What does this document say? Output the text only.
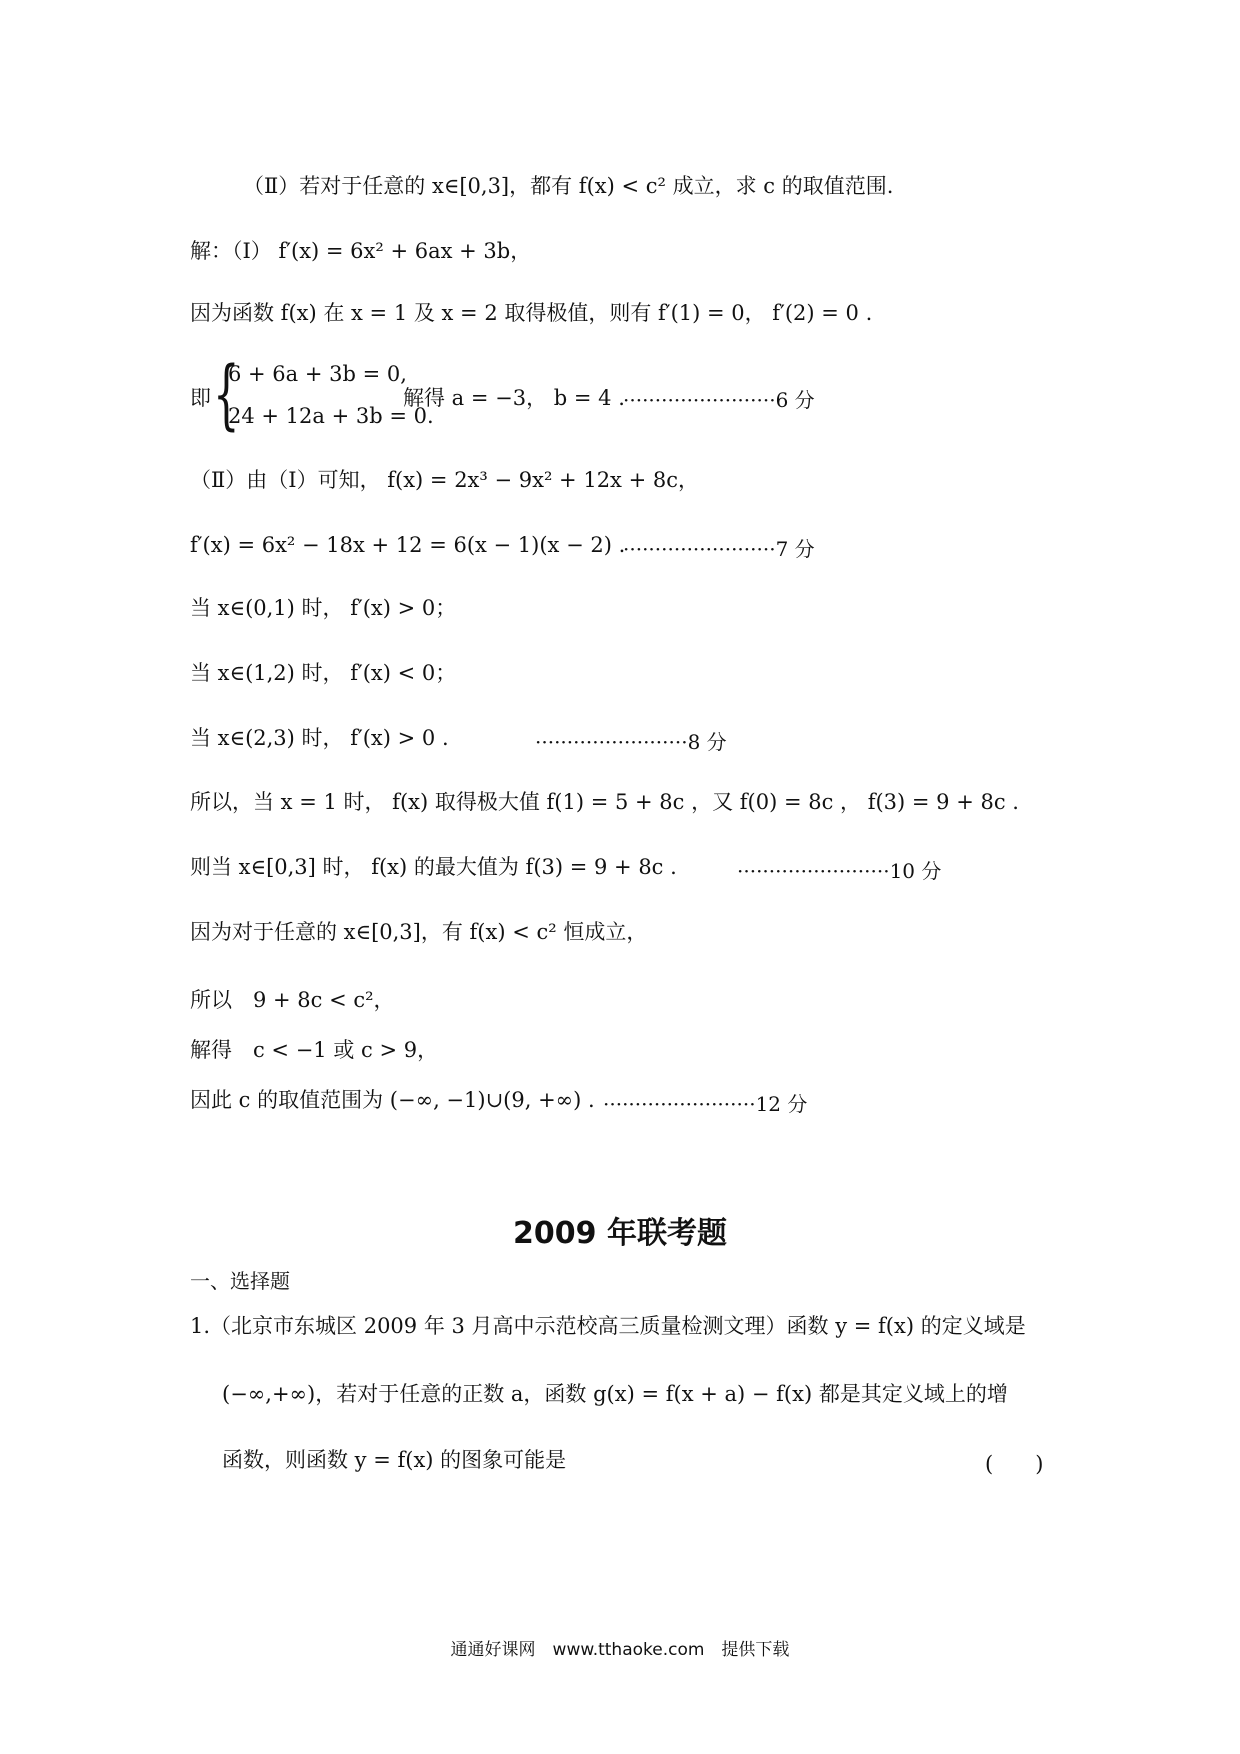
（Ⅱ）若对于任意的 x∈[0,3]，都有 f(x) < c² 成立，求 c 的取值范围.
解：（Ⅰ） f′(x) = 6x² + 6ax + 3b，
因为函数 f(x) 在 x = 1 及 x = 2 取得极值，则有 f′(1) = 0， f′(2) = 0 .
即 {
6 + 6a + 3b = 0,
24 + 12a + 3b = 0.
解得 a = −3， b = 4 .
························6 分
（Ⅱ）由（Ⅰ）可知， f(x) = 2x³ − 9x² + 12x + 8c，
f′(x) = 6x² − 18x + 12 = 6(x − 1)(x − 2) .
························7 分
当 x∈(0,1) 时， f′(x) > 0；
当 x∈(1,2) 时， f′(x) < 0；
当 x∈(2,3) 时， f′(x) > 0 .	························8 分
所以，当 x = 1 时， f(x) 取得极大值 f(1) = 5 + 8c ，又 f(0) = 8c ， f(3) = 9 + 8c .
则当 x∈[0,3] 时， f(x) 的最大值为 f(3) = 9 + 8c .	························10 分
因为对于任意的 x∈[0,3]，有 f(x) < c² 恒成立，
所以　9 + 8c < c²，
解得　c < −1 或 c > 9，
因此 c 的取值范围为 (−∞, −1)∪(9, +∞) . ························12 分
2009 年联考题
一、选择题
1.（北京市东城区 2009 年 3 月高中示范校高三质量检测文理）函数 y = f(x) 的定义域是
(−∞,+∞)，若对于任意的正数 a，函数 g(x) = f(x + a) − f(x) 都是其定义域上的增
函数，则函数 y = f(x) 的图象可能是	(　　)
通通好课网　www.tthaoke.com　提供下载
